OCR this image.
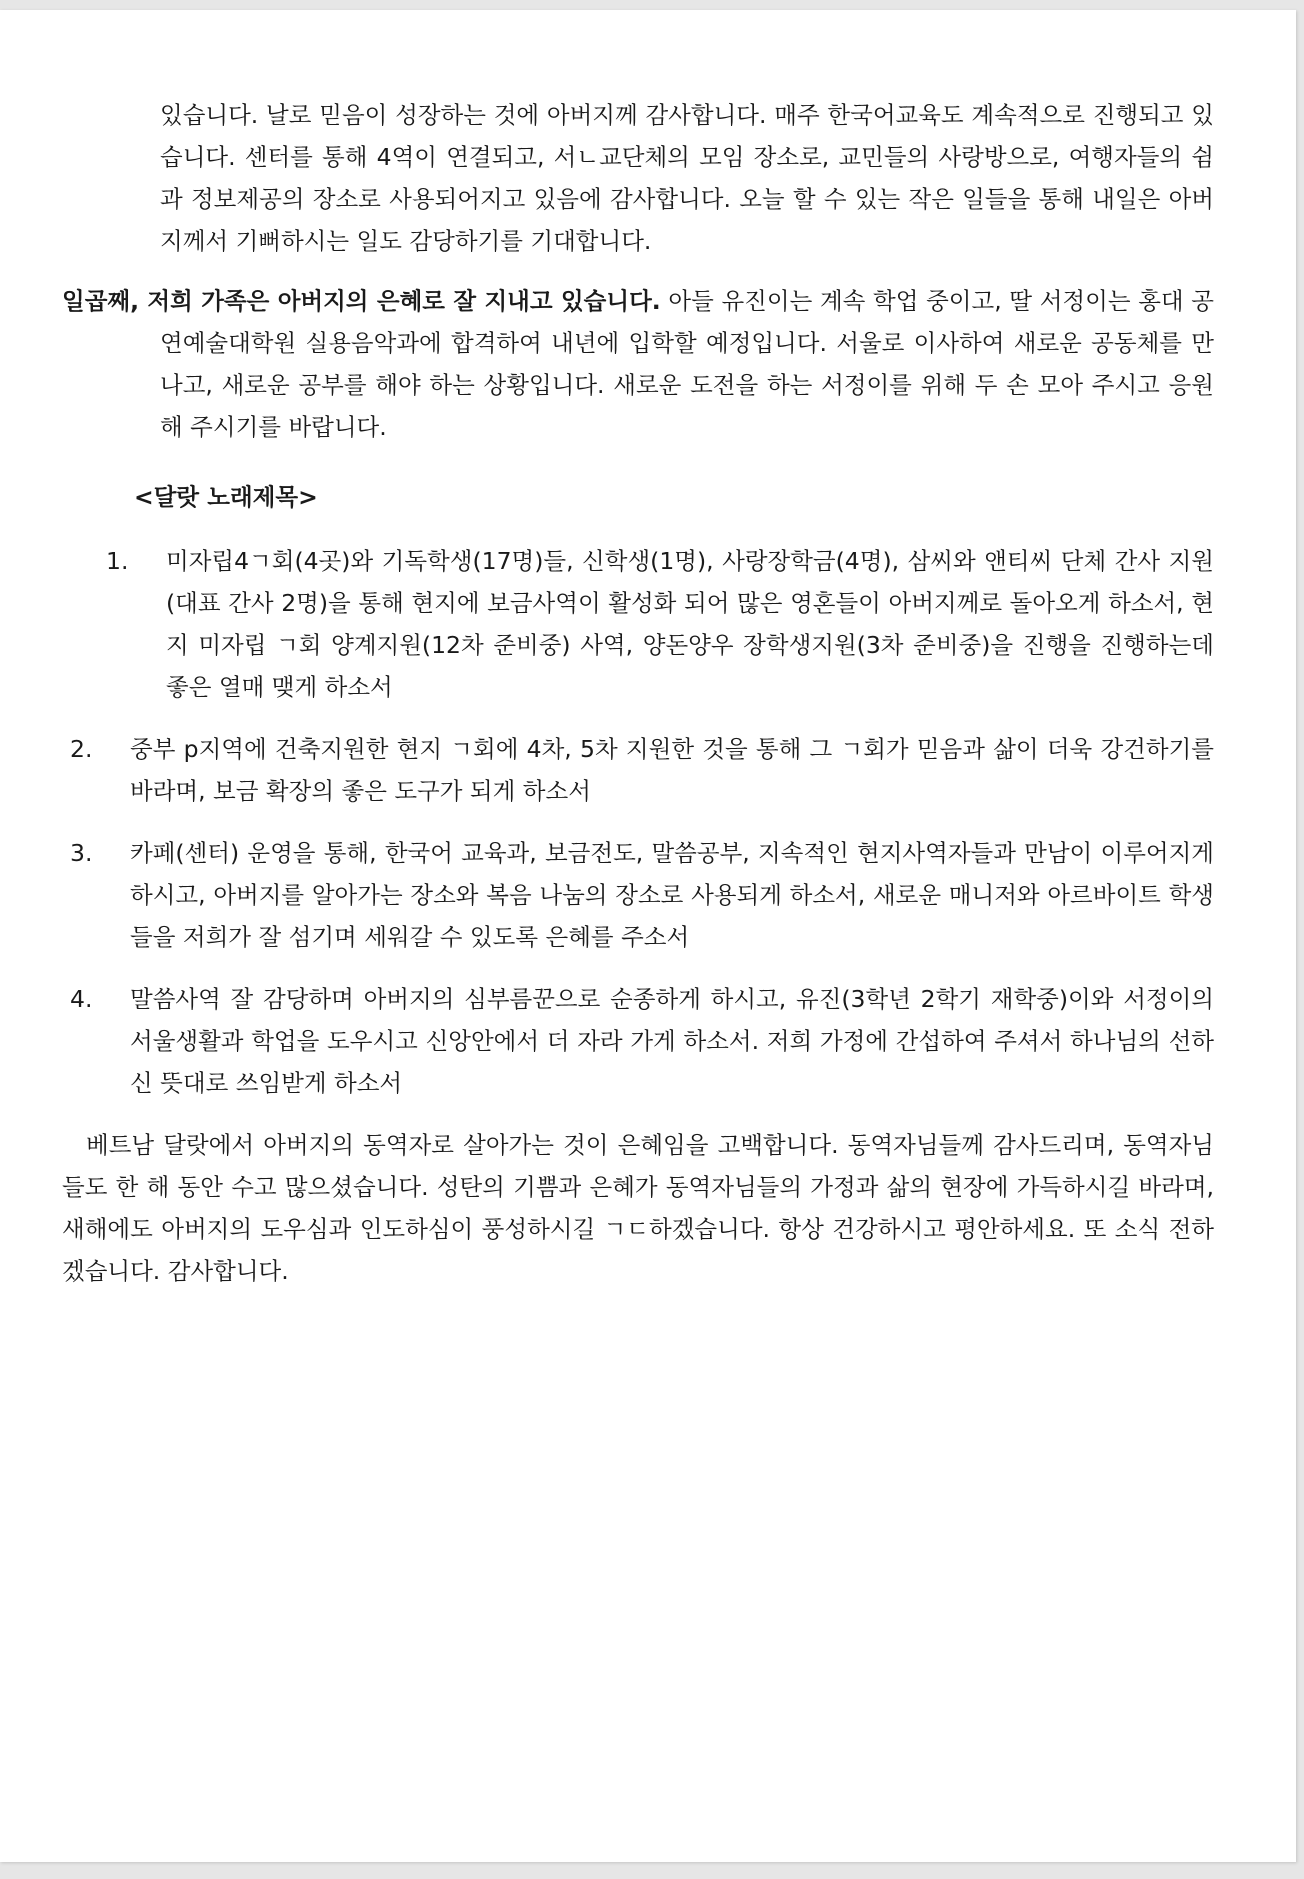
있습니다. 날로 믿음이 성장하는 것에 아버지께 감사합니다. 매주 한국어교육도 계속적으로 진행되고 있습니다. 센터를 통해 4역이 연결되고, 서ㄴ교단체의 모임 장소로, 교민들의 사랑방으로, 여행자들의 쉼과 정보제공의 장소로 사용되어지고 있음에 감사합니다. 오늘 할 수 있는 작은 일들을 통해 내일은 아버지께서 기뻐하시는 일도 감당하기를 기대합니다.

일곱째, 저희 가족은 아버지의 은혜로 잘 지내고 있습니다. 아들 유진이는 계속 학업 중이고, 딸 서정이는 홍대 공연예술대학원 실용음악과에 합격하여 내년에 입학할 예정입니다. 서울로 이사하여 새로운 공동체를 만나고, 새로운 공부를 해야 하는 상황입니다. 새로운 도전을 하는 서정이를 위해 두 손 모아 주시고 응원해 주시기를 바랍니다.

<달랏 노래제목>

1. 미자립4ㄱ회(4곳)와 기독학생(17명)들, 신학생(1명), 사랑장학금(4명), 삼씨와 앤티씨 단체 간사 지원(대표 간사 2명)을 통해 현지에 보금사역이 활성화 되어 많은 영혼들이 아버지께로 돌아오게 하소서, 현지 미자립 ㄱ회 양계지원(12차 준비중) 사역, 양돈양우 장학생지원(3차 준비중)을 진행을 진행하는데 좋은 열매 맺게 하소서

2. 중부 p지역에 건축지원한 현지 ㄱ회에 4차, 5차 지원한 것을 통해 그 ㄱ회가 믿음과 삶이 더욱 강건하기를 바라며, 보금 확장의 좋은 도구가 되게 하소서

3. 카페(센터) 운영을 통해, 한국어 교육과, 보금전도, 말씀공부, 지속적인 현지사역자들과 만남이 이루어지게 하시고, 아버지를 알아가는 장소와 복음 나눔의 장소로 사용되게 하소서, 새로운 매니저와 아르바이트 학생들을 저희가 잘 섬기며 세워갈 수 있도록 은혜를 주소서

4. 말씀사역 잘 감당하며 아버지의 심부름꾼으로 순종하게 하시고, 유진(3학년 2학기 재학중)이와 서정이의 서울생활과 학업을 도우시고 신앙안에서 더 자라 가게 하소서. 저희 가정에 간섭하여 주셔서 하나님의 선하신 뜻대로 쓰임받게 하소서

베트남 달랏에서 아버지의 동역자로 살아가는 것이 은혜임을 고백합니다. 동역자님들께 감사드리며, 동역자님들도 한 해 동안 수고 많으셨습니다. 성탄의 기쁨과 은혜가 동역자님들의 가정과 삶의 현장에 가득하시길 바라며, 새해에도 아버지의 도우심과 인도하심이 풍성하시길 ㄱㄷ하겠습니다. 항상 건강하시고 평안하세요. 또 소식 전하겠습니다. 감사합니다.
